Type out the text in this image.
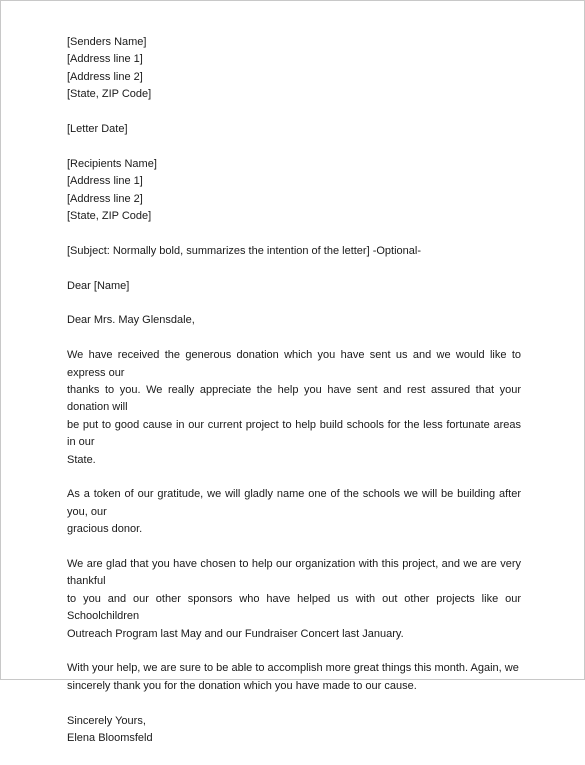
[Senders Name]
[Address line 1]
[Address line 2]
[State, ZIP Code]
[Letter Date]
[Recipients Name]
[Address line 1]
[Address line 2]
[State, ZIP Code]
[Subject: Normally bold, summarizes the intention of the letter] -Optional-
Dear [Name]
Dear Mrs. May Glensdale,
We have received the generous donation which you have sent us and we would like to express our
thanks to you. We really appreciate the help you have sent and rest assured that your donation will
be put to good cause in our current project to help build schools for the less fortunate areas in our
State.
As a token of our gratitude, we will gladly name one of the schools we will be building after you, our
gracious donor.
We are glad that you have chosen to help our organization with this project, and we are very thankful
to you and our other sponsors who have helped us with out other projects like our Schoolchildren
Outreach Program last May and our Fundraiser Concert last January.
With your help, we are sure to be able to accomplish more great things this month. Again, we
sincerely thank you for the donation which you have made to our cause.
Sincerely Yours,
Elena Bloomsfeld
